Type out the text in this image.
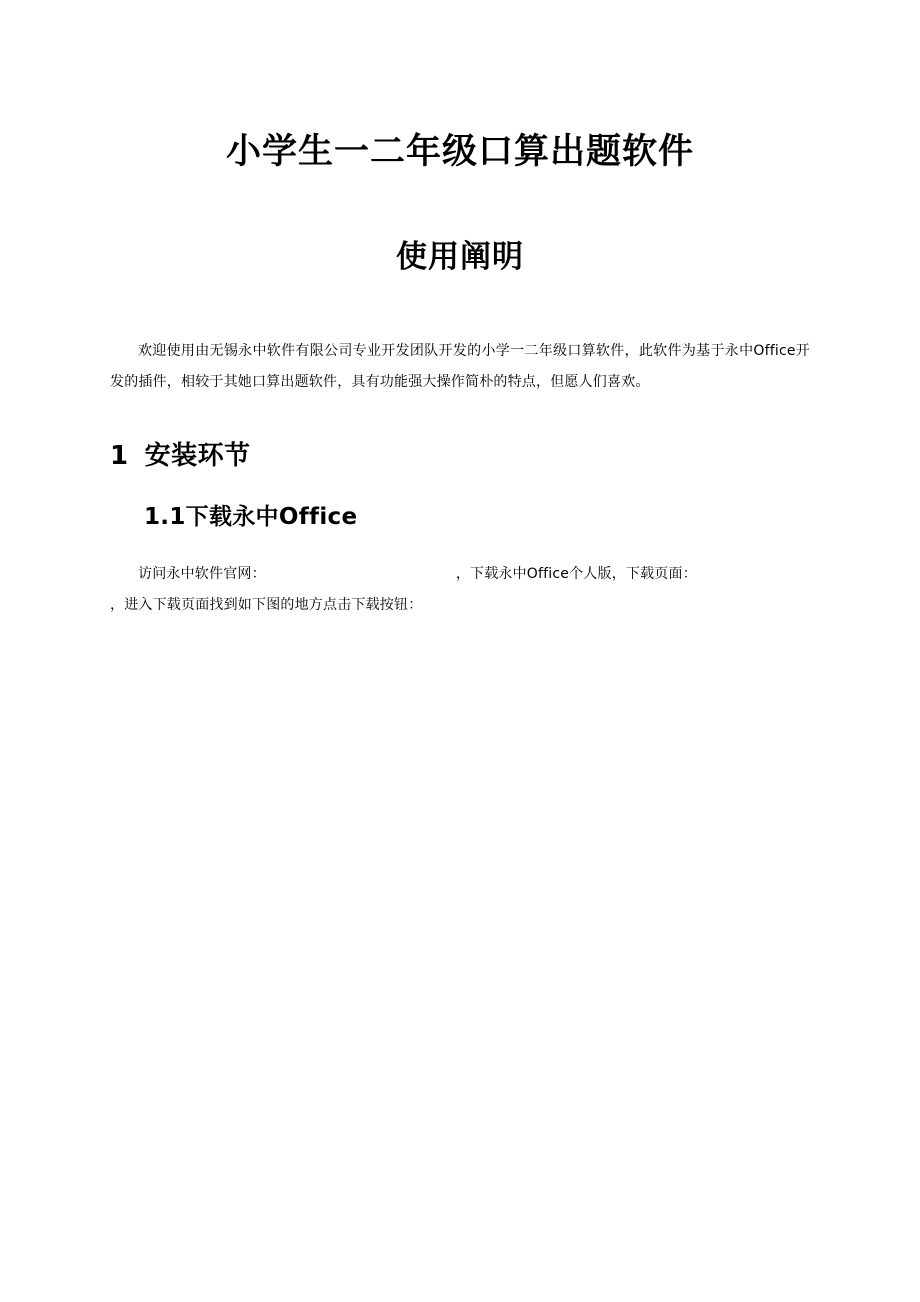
小学生一二年级口算出题软件
使用阐明

欢迎使用由无锡永中软件有限公司专业开发团队开发的小学一二年级口算软件，此软件为基于永中Office开发的插件，相较于其她口算出题软件，具有功能强大操作简朴的特点，但愿人们喜欢。

1 安装环节
1.1下载永中Office

访问永中软件官网：	，下载永中Office个人版，下载页面：

，进入下载页面找到如下图的地方点击下载按钮：
